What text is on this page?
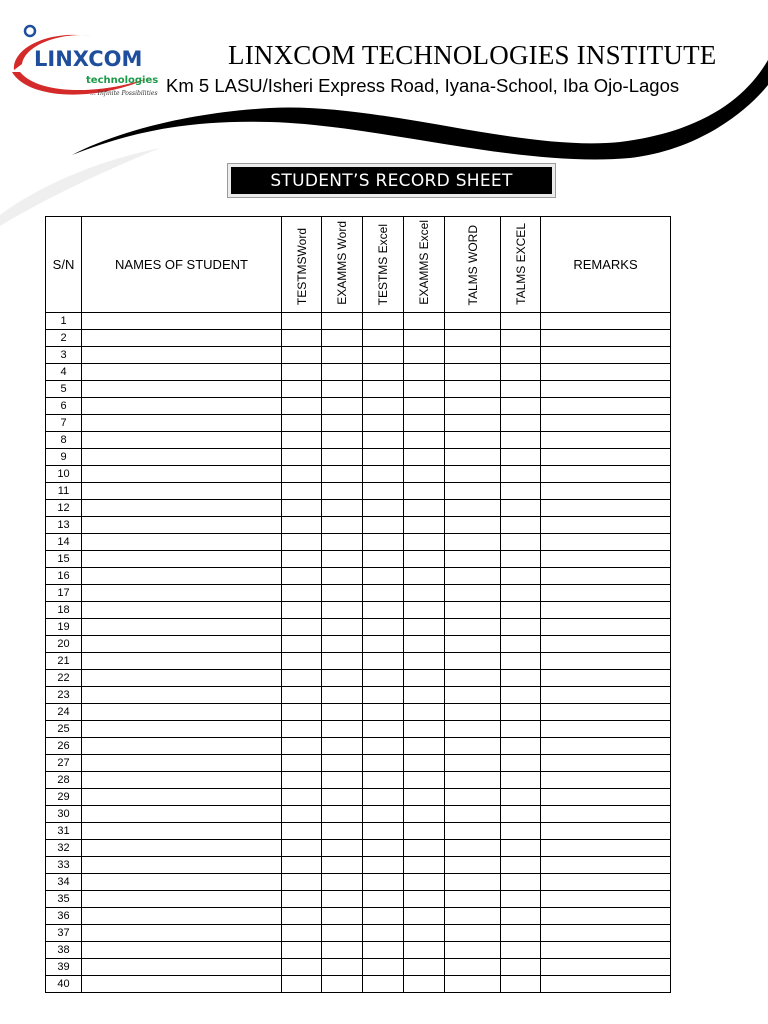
LINXCOM
technologies
... Infinite Possibilities
LINXCOM TECHNOLOGIES INSTITUTE
Km 5 LASU/Isheri Express Road, Iyana-School, Iba Ojo-Lagos
STUDENT’S RECORD SHEET
S/N	NAMES OF STUDENT	TESTMSWord	EXAMMS Word	TESTMS Excel	EXAMMS Excel	TALMS WORD	TALMS EXCEL	REMARKS
1								
2								
3								
4								
5								
6								
7								
8								
9								
10								
11								
12								
13								
14								
15								
16								
17								
18								
19								
20								
21								
22								
23								
24								
25								
26								
27								
28								
29								
30								
31								
32								
33								
34								
35								
36								
37								
38								
39								
40								
